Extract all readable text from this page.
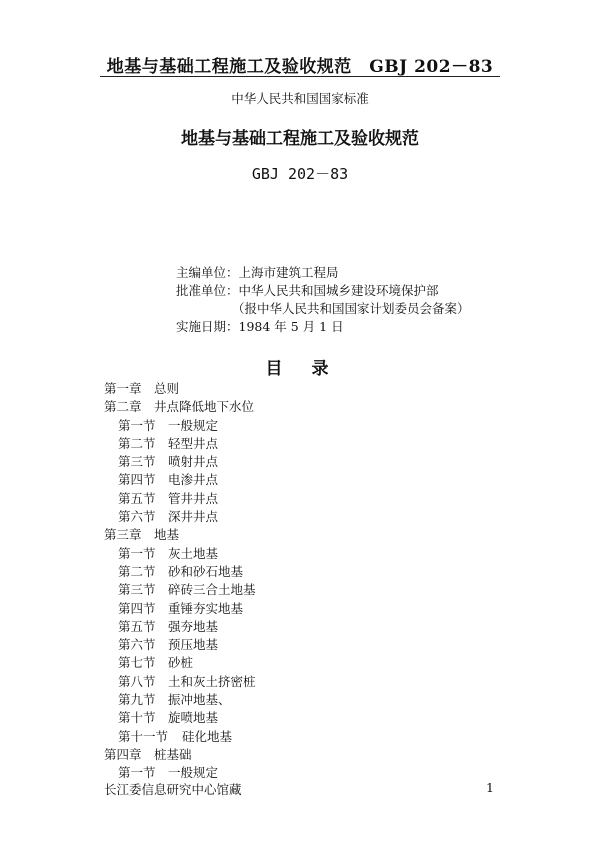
地基与基础工程施工及验收规范　GBJ 202－83
中华人民共和国国家标准
地基与基础工程施工及验收规范
GBJ 202－83
主编单位：上海市建筑工程局
批准单位：中华人民共和国城乡建设环境保护部
（报中华人民共和国国家计划委员会备案）
实施日期：1984 年 5 月 1 日
目　录
第一章 总则
第二章 井点降低地下水位
第一节 一般规定
第二节 轻型井点
第三节 喷射井点
第四节 电渗井点
第五节 管井井点
第六节 深井井点
第三章 地基
第一节 灰土地基
第二节 砂和砂石地基
第三节 碎砖三合土地基
第四节 重锤夯实地基
第五节 强夯地基
第六节 预压地基
第七节 砂桩
第八节 土和灰土挤密桩
第九节 振冲地基、
第十节 旋喷地基
第十一节 硅化地基
第四章 桩基础
第一节 一般规定
长江委信息研究中心馆藏	1
